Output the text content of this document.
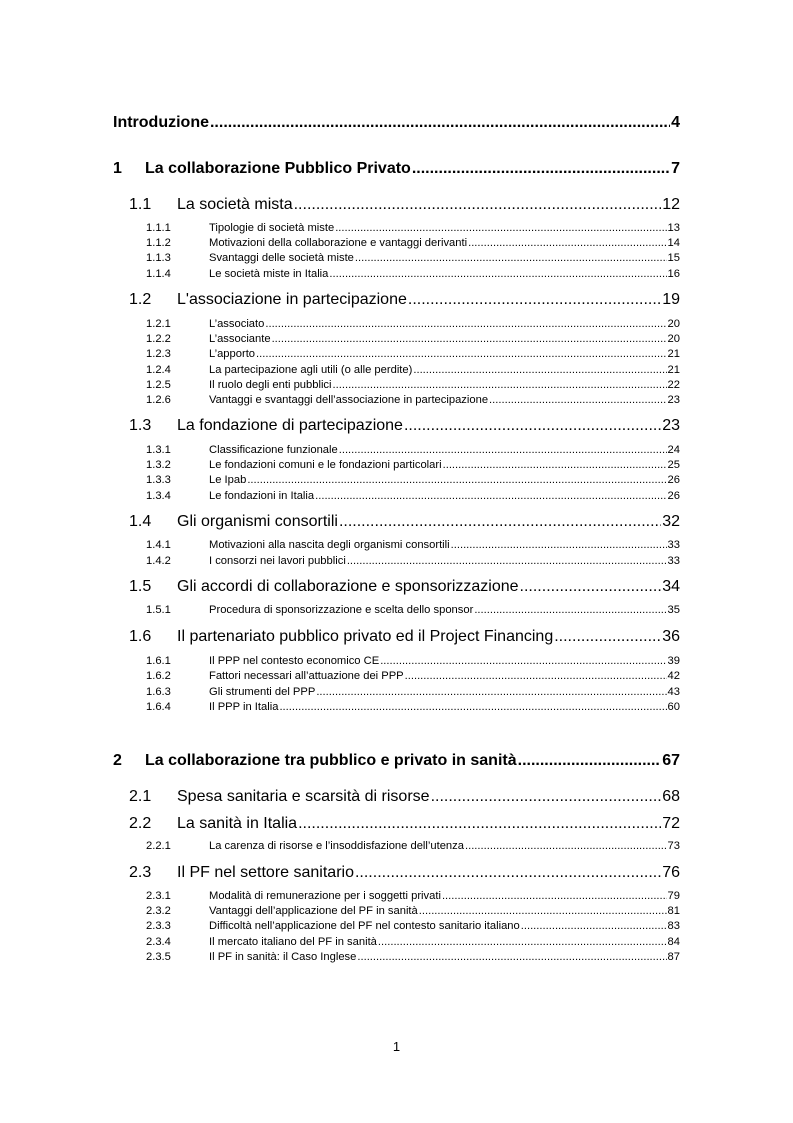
Introduzione .....	4
1	La collaborazione Pubblico Privato .....	7
1.1	La società mista .....	12
1.1.1	Tipologie di società miste .....	13
1.1.2	Motivazioni della collaborazione e vantaggi derivanti .....	14
1.1.3	Svantaggi delle società miste .....	15
1.1.4	Le società miste in Italia .....	16
1.2	L'associazione in partecipazione .....	19
1.2.1	L’associato .....	20
1.2.2	L’associante .....	20
1.2.3	L’apporto .....	21
1.2.4	La partecipazione agli utili (o alle perdite) .....	21
1.2.5	Il ruolo degli enti pubblici .....	22
1.2.6	Vantaggi e svantaggi dell’associazione in partecipazione .....	23
1.3	La fondazione di partecipazione .....	23
1.3.1	Classificazione funzionale .....	24
1.3.2	Le fondazioni comuni e le fondazioni particolari .....	25
1.3.3	Le Ipab .....	26
1.3.4	Le fondazioni in Italia .....	26
1.4	Gli organismi consortili .....	32
1.4.1	Motivazioni alla nascita degli organismi consortili .....	33
1.4.2	I consorzi nei lavori pubblici .....	33
1.5	Gli accordi di collaborazione e sponsorizzazione .....	34
1.5.1	Procedura di sponsorizzazione e scelta dello sponsor .....	35
1.6	Il partenariato pubblico privato ed il Project Financing .....	36
1.6.1	Il PPP nel contesto economico CE .....	39
1.6.2	Fattori necessari all’attuazione dei PPP .....	42
1.6.3	Gli strumenti del PPP .....	43
1.6.4	Il PPP in Italia .....	60
2	La collaborazione tra pubblico e privato in sanità .....	67
2.1	Spesa sanitaria e scarsità di risorse .....	68
2.2	La sanità in Italia .....	72
2.2.1	La carenza di risorse e l’insoddisfazione dell’utenza .....	73
2.3	Il PF nel settore sanitario .....	76
2.3.1	Modalità di remunerazione per i soggetti privati .....	79
2.3.2	Vantaggi dell’applicazione del PF in sanità .....	81
2.3.3	Difficoltà nell’applicazione del PF nel contesto sanitario italiano .....	83
2.3.4	Il mercato italiano del PF in sanità .....	84
2.3.5	Il PF in sanità: il Caso Inglese .....	87
1
